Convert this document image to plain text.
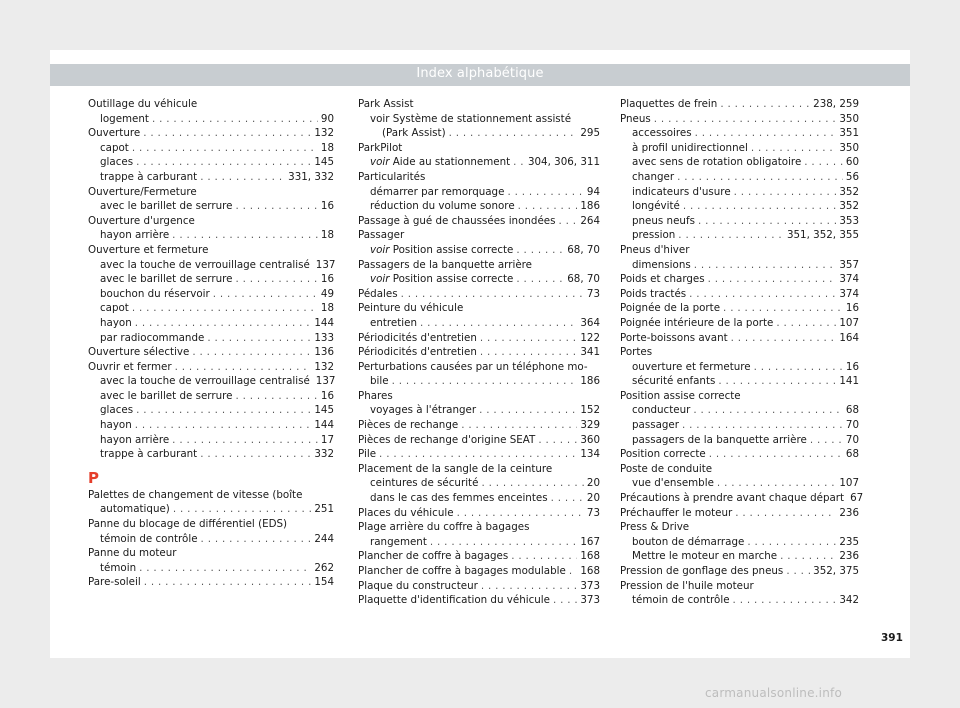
Index alphabétique
Outillage du véhicule
logement . . .	90
Ouverture . . .	132
capot . . .	18
glaces . . .	145
trappe à carburant . . .	331, 332
Ouverture/Fermeture
avec le barillet de serrure . . .	16
Ouverture d'urgence
hayon arrière . . .	18
Ouverture et fermeture
avec la touche de verrouillage centralisé 137
avec le barillet de serrure . . .	16
bouchon du réservoir . . .	49
capot . . .	18
hayon . . .	144
par radiocommande . . .	133
Ouverture sélective . . .	136
Ouvrir et fermer . . .	132
avec la touche de verrouillage centralisé 137
avec le barillet de serrure . . .	16
glaces . . .	145
hayon . . .	144
hayon arrière . . .	17
trappe à carburant . . .	332
P
Palettes de changement de vitesse (boîte
automatique) . . .	251
Panne du blocage de différentiel (EDS)
témoin de contrôle . . .	244
Panne du moteur
témoin . . .	262
Pare-soleil . . .	154
Park Assist
voir Système de stationnement assisté
(Park Assist) . . .	295
ParkPilot
voir Aide au stationnement . . . 304, 306, 311
Particularités
démarrer par remorquage . . .	94
réduction du volume sonore . . .	186
Passage à gué de chaussées inondées . . . 264
Passager
voir Position assise correcte . . .	68, 70
Passagers de la banquette arrière
voir Position assise correcte . . .	68, 70
Pédales . . .	73
Peinture du véhicule
entretien . . .	364
Périodicités d'entretien . . .	122
Périodicités d'entretien . . .	341
Perturbations causées par un téléphone mo-
bile . . .	186
Phares
voyages à l'étranger . . .	152
Pièces de rechange . . .	329
Pièces de rechange d'origine SEAT . . .	360
Pile . . .	134
Placement de la sangle de la ceinture
ceintures de sécurité . . .	20
dans le cas des femmes enceintes . . .	20
Places du véhicule . . .	73
Plage arrière du coffre à bagages
rangement . . .	167
Plancher de coffre à bagages . . .	168
Plancher de coffre à bagages modulable . . . 168
Plaque du constructeur . . .	373
Plaquette d'identification du véhicule . . .	373
Plaquettes de frein . . .	238, 259
Pneus . . .	350
accessoires . . .	351
à profil unidirectionnel . . .	350
avec sens de rotation obligatoire . . .	60
changer . . .	56
indicateurs d'usure . . .	352
longévité . . .	352
pneus neufs . . .	353
pression . . .	351, 352, 355
Pneus d'hiver
dimensions . . .	357
Poids et charges . . .	374
Poids tractés . . .	374
Poignée de la porte . . .	16
Poignée intérieure de la porte . . .	107
Porte-boissons avant . . .	164
Portes
ouverture et fermeture . . .	16
sécurité enfants . . .	141
Position assise correcte
conducteur . . .	68
passager . . .	70
passagers de la banquette arrière . . .	70
Position correcte . . .	68
Poste de conduite
vue d'ensemble . . .	107
Précautions à prendre avant chaque départ 67
Préchauffer le moteur . . .	236
Press & Drive
bouton de démarrage . . .	235
Mettre le moteur en marche . . .	236
Pression de gonflage des pneus . . .	352, 375
Pression de l'huile moteur
témoin de contrôle . . .	342
391
carmanualsonline.info
